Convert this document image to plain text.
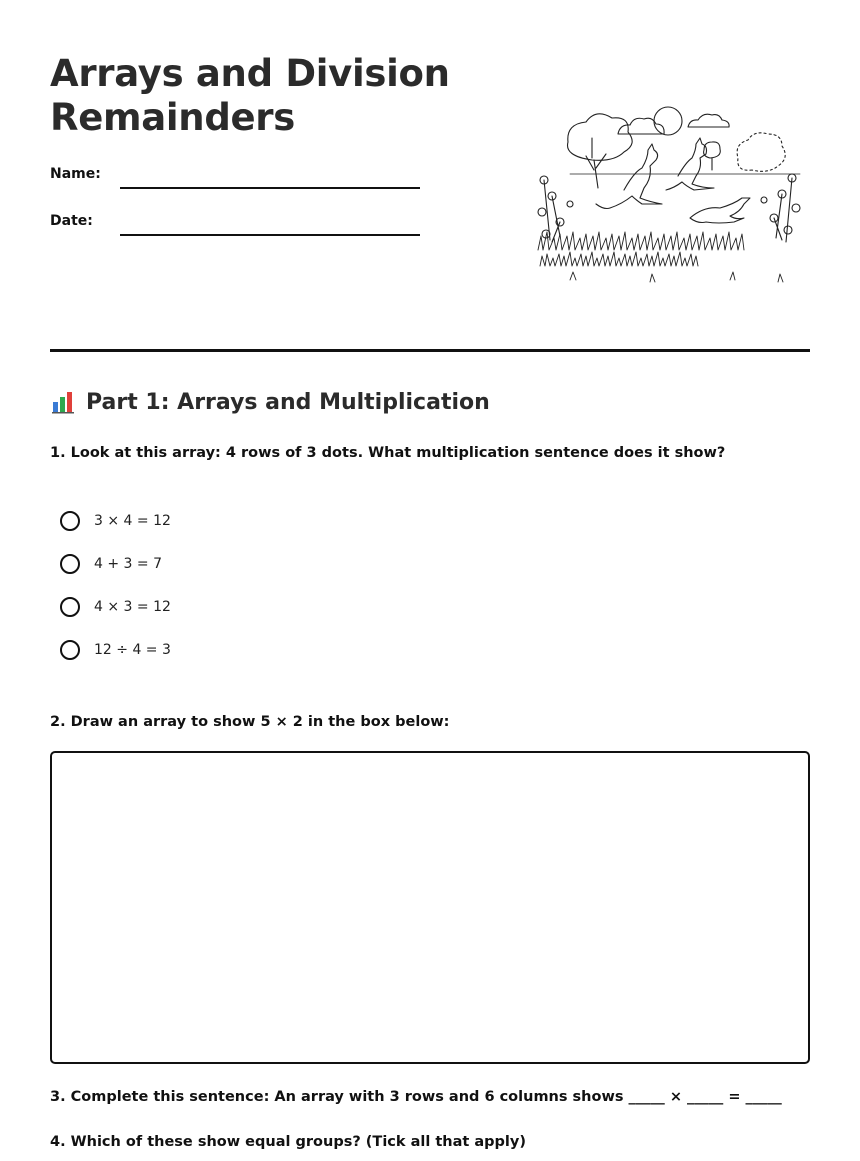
Arrays and Division
Remainders
Name:
Date:
Part 1: Arrays and Multiplication

1. Look at this array: 4 rows of 3 dots. What multiplication sentence does it show?

3 × 4 = 12
4 + 3 = 7
4 × 3 = 12
12 ÷ 4 = 3

2. Draw an array to show 5 × 2 in the box below:

3. Complete this sentence: An array with 3 rows and 6 columns shows _____ × _____ = _____

4. Which of these show equal groups? (Tick all that apply)
